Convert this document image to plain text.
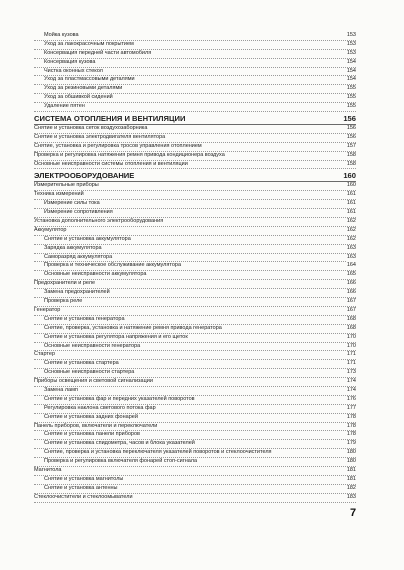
Мойка кузова	153
Уход за лакокрасочным покрытием	153
Консервация передней части автомобиля	153
Консервация кузова	154
Чистка оконных стекол	154
Уход за пластмассовыми деталями	154
Уход за резиновыми деталями	155
Уход за обшивкой сидений	155
Удаление пятен	155
СИСТЕМА ОТОПЛЕНИЯ И ВЕНТИЛЯЦИИ	156
Снятие и установка сеток воздухозаборника	156
Снятие и установка электродвигателя вентилятора	156
Снятие, установка и регулировка тросов управления отоплением	157
Проверка и регулировка натяжения ремня привода кондиционера воздуха	158
Основные неисправности системы отопления и вентиляции	158
ЭЛЕКТРООБОРУДОВАНИЕ	160
Измерительные приборы	160
Техника измерений	161
Измерение силы тока	161
Измерение сопротивления	161
Установка дополнительного электрооборудования	162
Аккумулятор	162
Снятие и установка аккумулятора	162
Зарядка аккумулятора	163
Саморазряд аккумулятора	163
Проверка и техническое обслуживание аккумулятора	164
Основные неисправности аккумулятора	165
Предохранители и реле	166
Замена предохранителей	166
Проверка реле	167
Генератор	167
Снятие и установка генератора	168
Снятие, проверка, установка и натяжение ремня привода генератора	168
Снятие и установка регулятора напряжения и его щеток	170
Основные неисправности генератора	170
Стартер	171
Снятие и установка стартера	171
Основные неисправности стартера	173
Приборы освещения и световой сигнализации	174
Замена ламп	174
Снятие и установка фар и передних указателей поворотов	176
Регулировка наклона светового потока фар	177
Снятие и установка задних фонарей	178
Панель приборов, включатели и переключатели	178
Снятие и установка панели приборов	178
Снятие и установка спидометра, часов и блока указателей	179
Снятие, проверка и установка переключателя указателей поворотов и стеклоочистителя	180
Проверка и регулировка включателя фонарей стоп-сигнала	180
Магнитола	181
Снятие и установка магнитолы	181
Снятие и установка антенны	182
Стеклоочистители и стеклоомыватели	183
7
